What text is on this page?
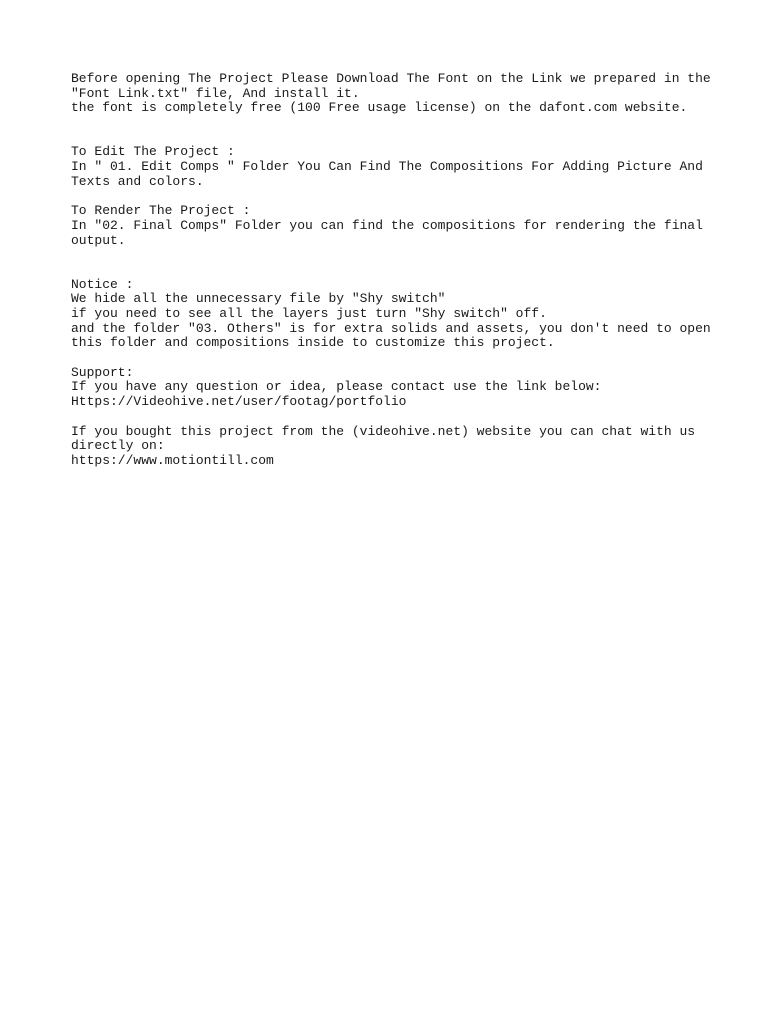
Before opening The Project Please Download The Font on the Link we prepared in the
"Font Link.txt" file, And install it.
the font is completely free (100 Free usage license) on the dafont.com website.
To Edit The Project :
In " 01. Edit Comps " Folder You Can Find The Compositions For Adding Picture And
Texts and colors.
To Render The Project :
In "02. Final Comps" Folder you can find the compositions for rendering the final
output.
Notice :
We hide all the unnecessary file by "Shy switch"
if you need to see all the layers just turn "Shy switch" off.
and the folder "03. Others" is for extra solids and assets, you don't need to open
this folder and compositions inside to customize this project.
Support:
If you have any question or idea, please contact use the link below:
Https://Videohive.net/user/footag/portfolio
If you bought this project from the (videohive.net) website you can chat with us
directly on:
https://www.motiontill.com
